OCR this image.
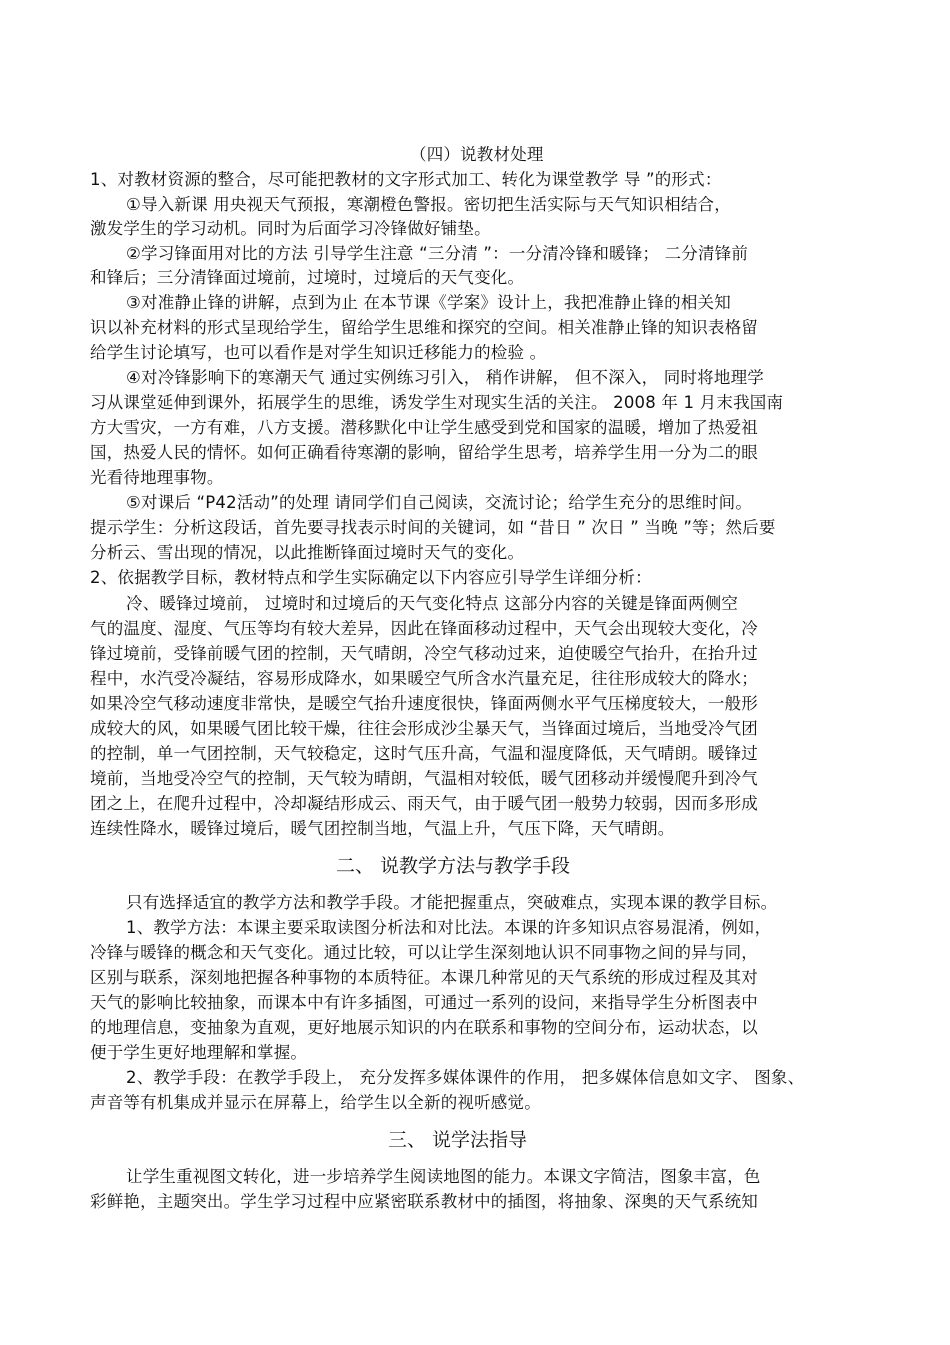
（四）说教材处理
1、对教材资源的整合，尽可能把教材的文字形式加工、转化为课堂教学 导 ”的形式：
①导入新课 用央视天气预报，寒潮橙色警报。密切把生活实际与天气知识相结合，
激发学生的学习动机。同时为后面学习冷锋做好铺垫。
②学习锋面用对比的方法 引导学生注意 “三分清 ”：一分清冷锋和暖锋； 二分清锋前
和锋后；三分清锋面过境前，过境时，过境后的天气变化。
③对准静止锋的讲解，点到为止 在本节课《学案》设计上，我把准静止锋的相关知
识以补充材料的形式呈现给学生，留给学生思维和探究的空间。相关准静止锋的知识表格留
给学生讨论填写，也可以看作是对学生知识迁移能力的检验 。
④对冷锋影响下的寒潮天气 通过实例练习引入， 稍作讲解， 但不深入， 同时将地理学
习从课堂延伸到课外，拓展学生的思维，诱发学生对现实生活的关注。 2008 年 1 月末我国南
方大雪灾，一方有难，八方支援。潜移默化中让学生感受到党和国家的温暖，增加了热爱祖
国，热爱人民的情怀。如何正确看待寒潮的影响，留给学生思考，培养学生用一分为二的眼
光看待地理事物。
⑤对课后 “P42活动”的处理 请同学们自己阅读，交流讨论；给学生充分的思维时间。
提示学生：分析这段话，首先要寻找表示时间的关键词，如 “昔日 ” 次日 ” 当晚 ”等；然后要
分析云、雪出现的情况，以此推断锋面过境时天气的变化。
2、依据教学目标，教材特点和学生实际确定以下内容应引导学生详细分析：
冷、暖锋过境前， 过境时和过境后的天气变化特点 这部分内容的关键是锋面两侧空
气的温度、湿度、气压等均有较大差异，因此在锋面移动过程中，天气会出现较大变化，冷
锋过境前，受锋前暖气团的控制，天气晴朗，冷空气移动过来，迫使暖空气抬升，在抬升过
程中，水汽受冷凝结，容易形成降水，如果暖空气所含水汽量充足，往往形成较大的降水；
如果冷空气移动速度非常快，是暖空气抬升速度很快，锋面两侧水平气压梯度较大，一般形
成较大的风，如果暖气团比较干燥，往往会形成沙尘暴天气，当锋面过境后，当地受冷气团
的控制，单一气团控制，天气较稳定，这时气压升高，气温和湿度降低，天气晴朗。暖锋过
境前，当地受冷空气的控制，天气较为晴朗，气温相对较低，暖气团移动并缓慢爬升到冷气
团之上，在爬升过程中，冷却凝结形成云、雨天气，由于暖气团一般势力较弱，因而多形成
连续性降水，暖锋过境后，暖气团控制当地，气温上升，气压下降，天气晴朗。
二、 说教学方法与教学手段
只有选择适宜的教学方法和教学手段。才能把握重点，突破难点，实现本课的教学目标。
1、教学方法：本课主要采取读图分析法和对比法。本课的许多知识点容易混淆，例如，
冷锋与暖锋的概念和天气变化。通过比较，可以让学生深刻地认识不同事物之间的异与同，
区别与联系，深刻地把握各种事物的本质特征。本课几种常见的天气系统的形成过程及其对
天气的影响比较抽象，而课本中有许多插图，可通过一系列的设问，来指导学生分析图表中
的地理信息，变抽象为直观，更好地展示知识的内在联系和事物的空间分布，运动状态，以
便于学生更好地理解和掌握。
2、教学手段：在教学手段上， 充分发挥多媒体课件的作用， 把多媒体信息如文字、 图象、
声音等有机集成并显示在屏幕上，给学生以全新的视听感觉。
三、 说学法指导
让学生重视图文转化，进一步培养学生阅读地图的能力。本课文字简洁，图象丰富，色
彩鲜艳，主题突出。学生学习过程中应紧密联系教材中的插图，将抽象、深奥的天气系统知
